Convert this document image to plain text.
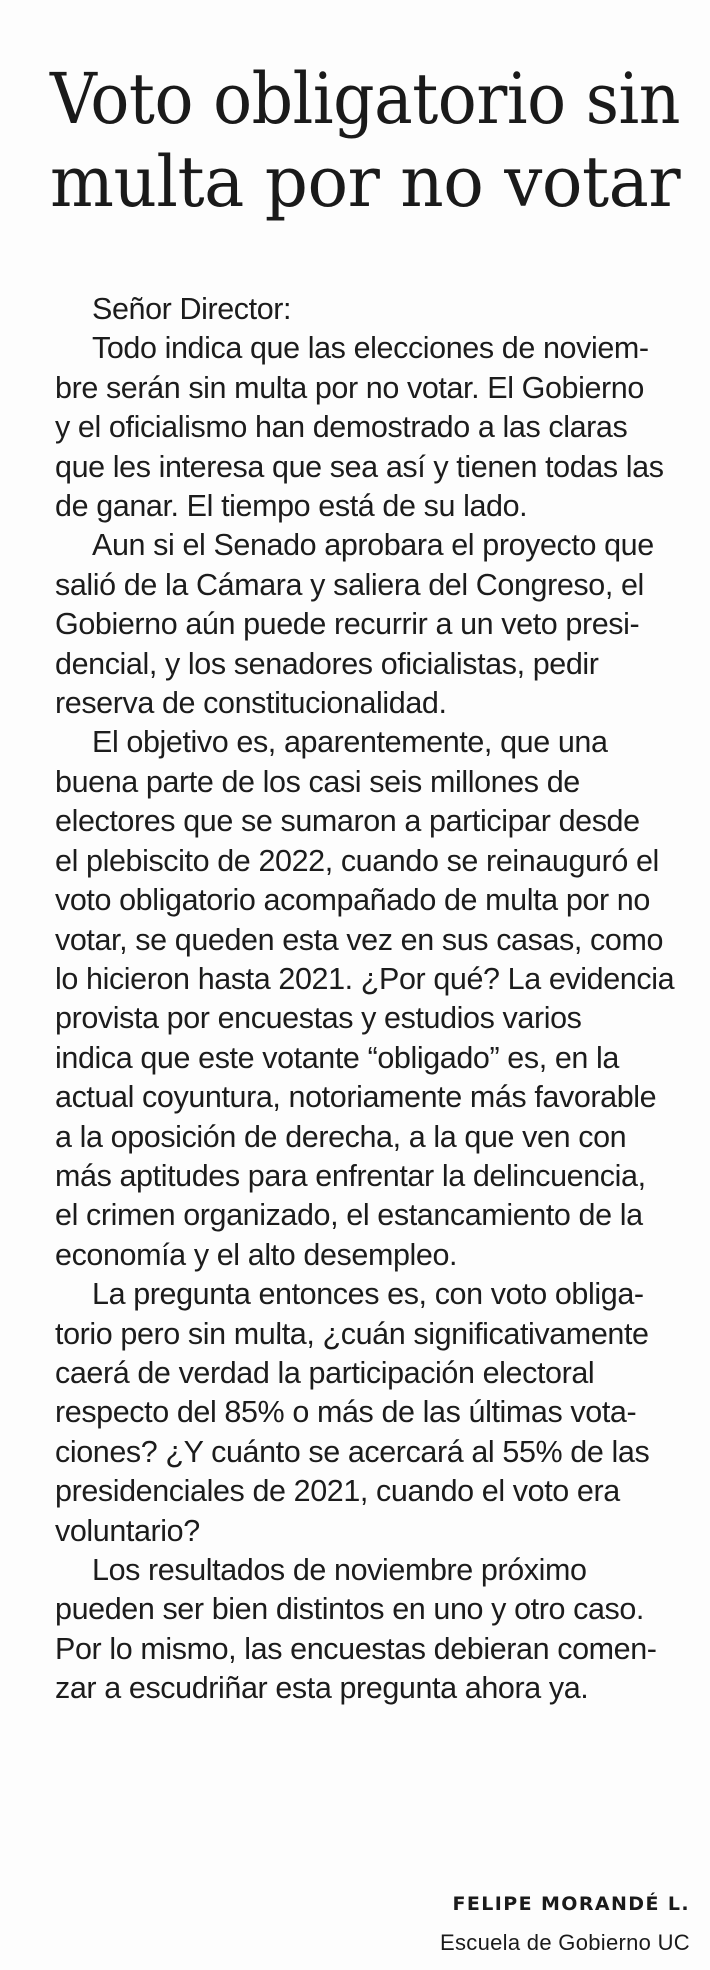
Voto obligatorio sin
multa por no votar
Señor Director:
Todo indica que las elecciones de noviem-
bre serán sin multa por no votar. El Gobierno
y el oficialismo han demostrado a las claras
que les interesa que sea así y tienen todas las
de ganar. El tiempo está de su lado.
Aun si el Senado aprobara el proyecto que
salió de la Cámara y saliera del Congreso, el
Gobierno aún puede recurrir a un veto presi-
dencial, y los senadores oficialistas, pedir
reserva de constitucionalidad.
El objetivo es, aparentemente, que una
buena parte de los casi seis millones de
electores que se sumaron a participar desde
el plebiscito de 2022, cuando se reinauguró el
voto obligatorio acompañado de multa por no
votar, se queden esta vez en sus casas, como
lo hicieron hasta 2021. ¿Por qué? La evidencia
provista por encuestas y estudios varios
indica que este votante “obligado” es, en la
actual coyuntura, notoriamente más favorable
a la oposición de derecha, a la que ven con
más aptitudes para enfrentar la delincuencia,
el crimen organizado, el estancamiento de la
economía y el alto desempleo.
La pregunta entonces es, con voto obliga-
torio pero sin multa, ¿cuán significativamente
caerá de verdad la participación electoral
respecto del 85% o más de las últimas vota-
ciones? ¿Y cuánto se acercará al 55% de las
presidenciales de 2021, cuando el voto era
voluntario?
Los resultados de noviembre próximo
pueden ser bien distintos en uno y otro caso.
Por lo mismo, las encuestas debieran comen-
zar a escudriñar esta pregunta ahora ya.

FELIPE MORANDÉ L.

Escuela de Gobierno UC
